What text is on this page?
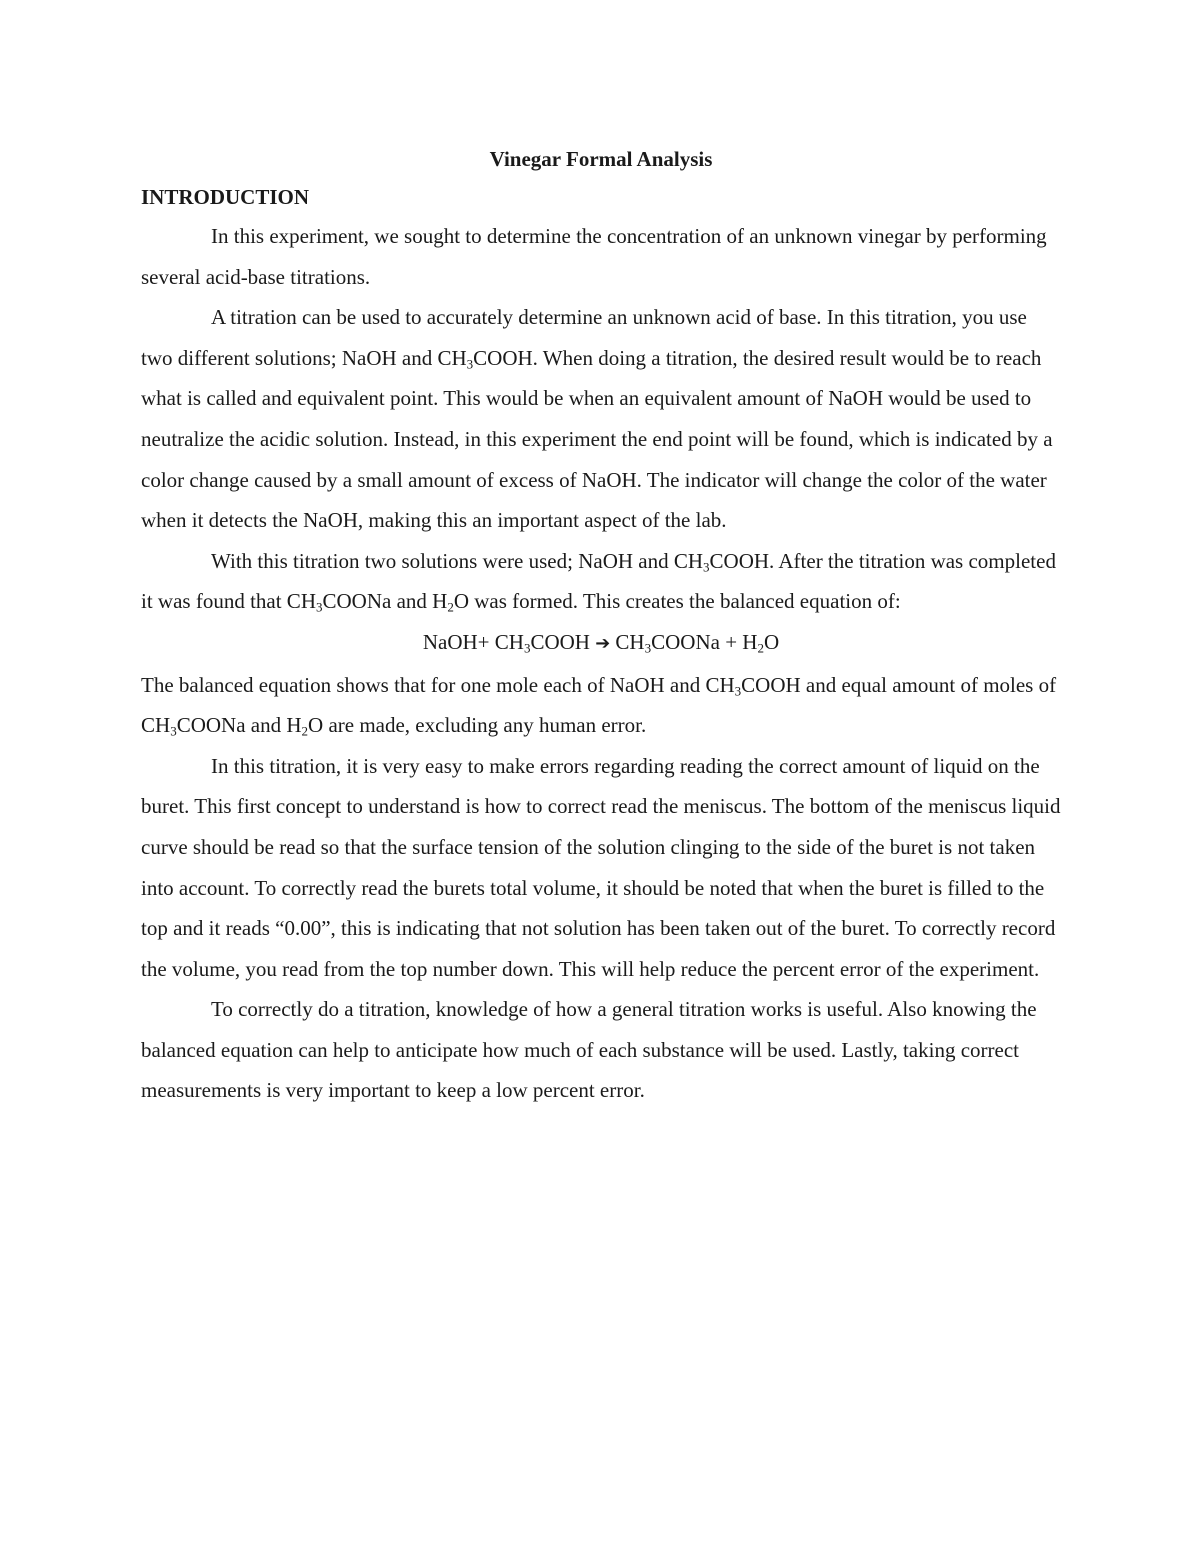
Vinegar Formal Analysis
INTRODUCTION

In this experiment, we sought to determine the concentration of an unknown vinegar by performing several acid-base titrations.

A titration can be used to accurately determine an unknown acid of base. In this titration, you use two different solutions; NaOH and $CH_3COOH$. When doing a titration, the desired result would be to reach what is called and equivalent point. This would be when an equivalent amount of NaOH would be used to neutralize the acidic solution. Instead, in this experiment the end point will be found, which is indicated by a color change caused by a small amount of excess of NaOH. The indicator will change the color of the water when it detects the NaOH, making this an important aspect of the lab.

With this titration two solutions were used; NaOH and $CH_3COOH$. After the titration was completed it was found that $CH_3COONa$ and $H_2O$ was formed. This creates the balanced equation of:

NaOH+ $CH_3COOH$ ➔ $CH_3COONa + H_2O$

The balanced equation shows that for one mole each of NaOH and $CH_3COOH$ and equal amount of moles of $CH_3COONa$ and $H_2O$ are made, excluding any human error.

In this titration, it is very easy to make errors regarding reading the correct amount of liquid on the buret. This first concept to understand is how to correct read the meniscus. The bottom of the meniscus liquid curve should be read so that the surface tension of the solution clinging to the side of the buret is not taken into account. To correctly read the burets total volume, it should be noted that when the buret is filled to the top and it reads “0.00”, this is indicating that not solution has been taken out of the buret. To correctly record the volume, you read from the top number down. This will help reduce the percent error of the experiment.

To correctly do a titration, knowledge of how a general titration works is useful. Also knowing the balanced equation can help to anticipate how much of each substance will be used. Lastly, taking correct measurements is very important to keep a low percent error.
